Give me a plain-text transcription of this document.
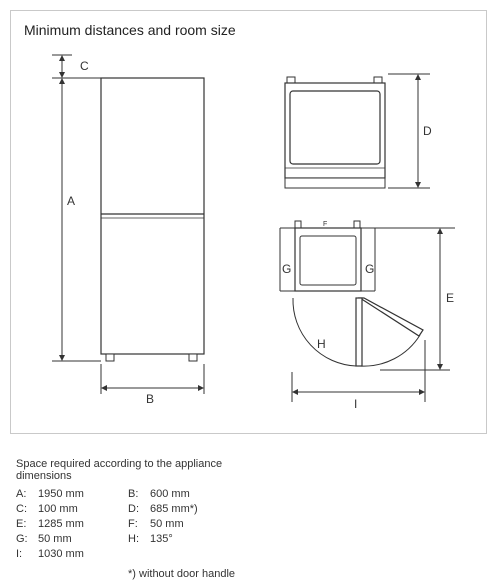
Minimum distances and room size
C
A
B
D
F
G	G
H
E
I
Space required according to the appliance dimensions
*) without door handle
A: 1950 mm
C: 100 mm
E: 1285 mm
G: 50 mm
I: 1030 mm
B: 600 mm
D: 685 mm*)
F: 50 mm
H: 135°
